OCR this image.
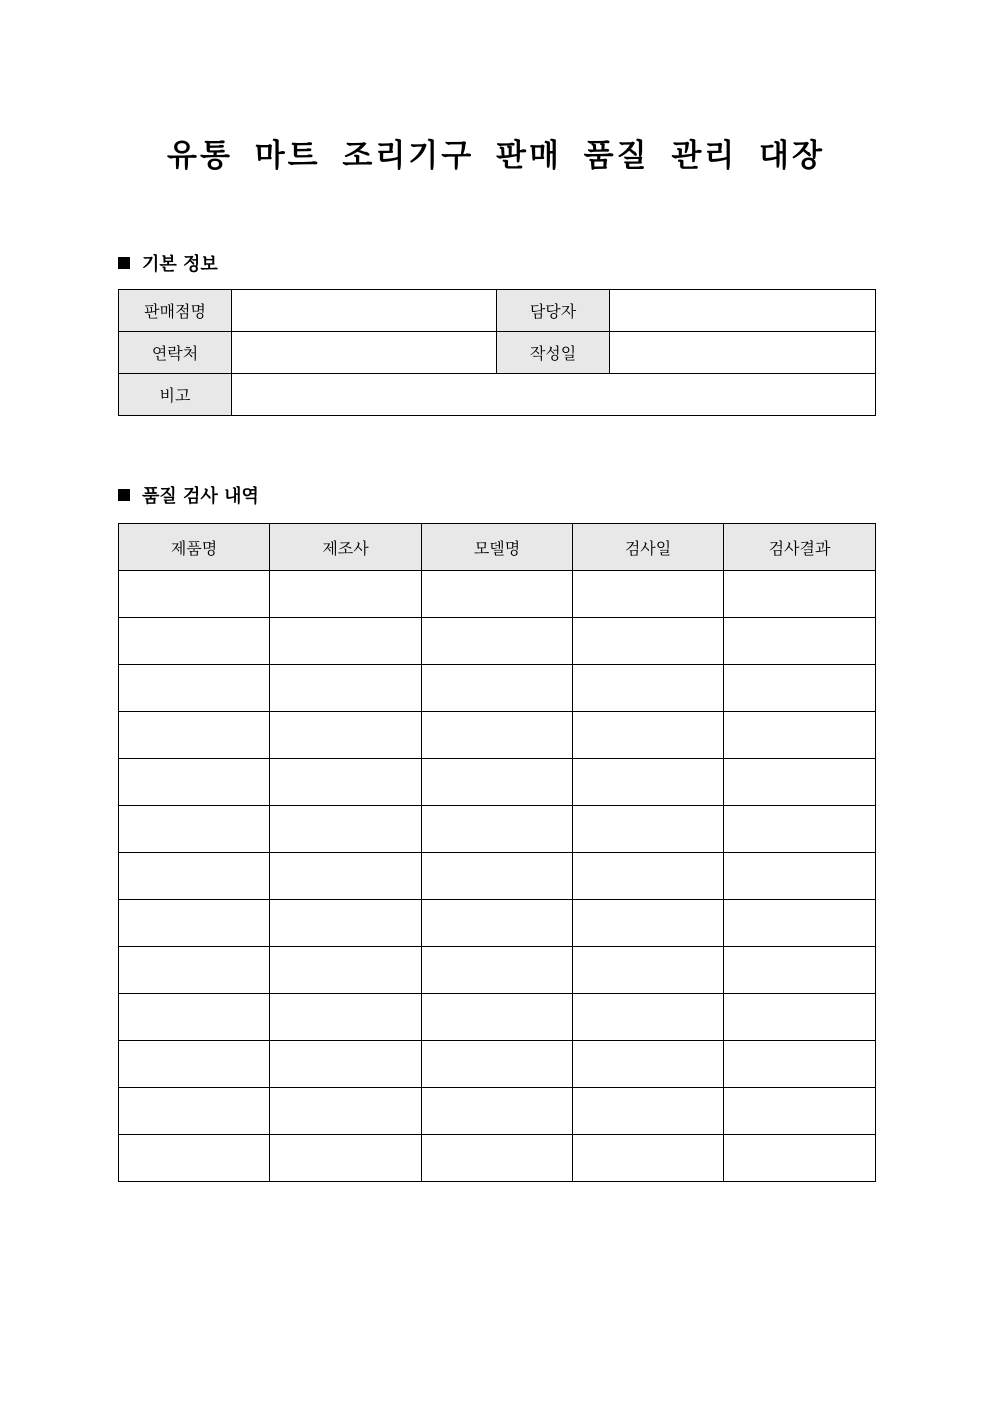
유통 마트 조리기구 판매 품질 관리 대장
기본 정보
판매점명		담당자	
연락처		작성일	
비고			
품질 검사 내역
제품명	제조사	모델명	검사일	검사결과
